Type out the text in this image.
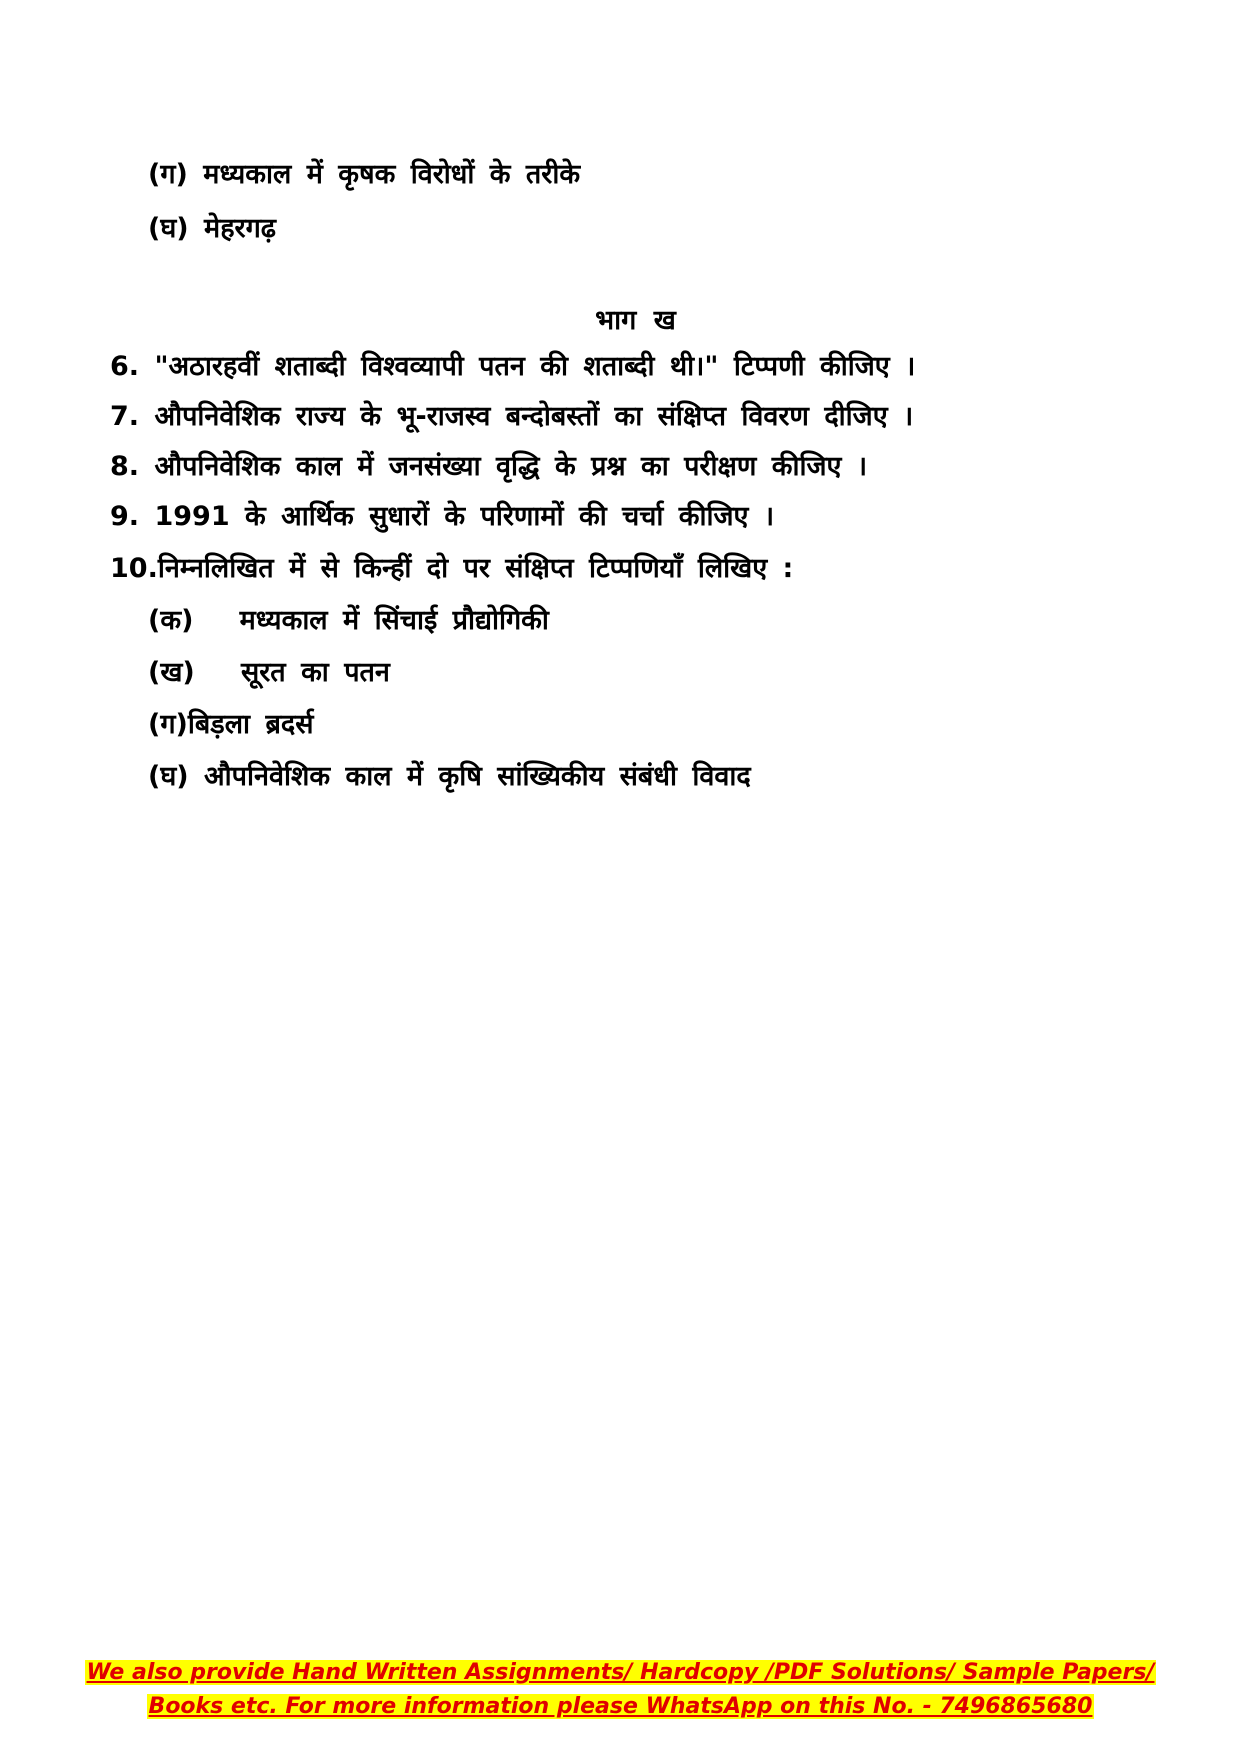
(ग) मध्यकाल में कृषक विरोधों के तरीके
(घ) मेहरगढ़
भाग ख
6. "अठारहवीं शताब्दी विश्वव्यापी पतन की शताब्दी थी।" टिप्पणी कीजिए ।
7. औपनिवेशिक राज्य के भू-राजस्व बन्दोबस्तों का संक्षिप्त विवरण दीजिए ।
8. औपनिवेशिक काल में जनसंख्या वृद्धि के प्रश्न का परीक्षण कीजिए ।
9. 1991 के आर्थिक सुधारों के परिणामों की चर्चा कीजिए ।
10.निम्नलिखित में से किन्हीं दो पर संक्षिप्त टिप्पणियाँ लिखिए :
(क) मध्यकाल में सिंचाई प्रौद्योगिकी
(ख) सूरत का पतन
(ग)बिड़ला ब्रदर्स
(घ) औपनिवेशिक काल में कृषि सांख्यिकीय संबंधी विवाद
We also provide Hand Written Assignments/ Hardcopy /PDF Solutions/ Sample Papers/
Books etc. For more information please WhatsApp on this No. - 7496865680
